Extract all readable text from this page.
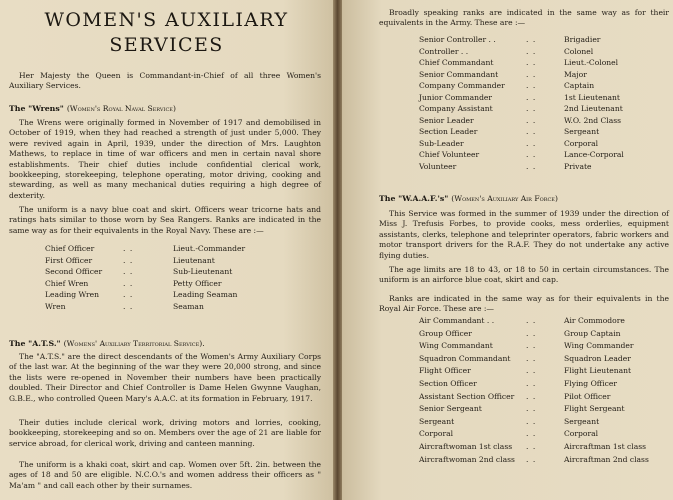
WOMEN'S AUXILIARY
SERVICES
Her Majesty the Queen is Commandant-in-Chief of all three Women's Auxiliary Services.
The "Wrens" (Women's Royal Naval Service)
The Wrens were originally formed in November of 1917 and demobilised in October of 1919, when they had reached a strength of just under 5,000. They were revived again in April, 1939, under the direction of Mrs. Laughton Mathews, to replace in time of war officers and men in certain naval shore establishments. Their chief duties include confidential clerical work, bookkeeping, storekeeping, telephone operating, motor driving, cooking and stewarding, as well as many mechanical duties requiring a high degree of dexterity.
The uniform is a navy blue coat and skirt. Officers wear tricorne hats and ratings hats similar to those worn by Sea Rangers. Ranks are indicated in the same way as for their equivalents in the Royal Navy. These are :—
Chief Officer	. .	Lieut.-Commander
First Officer	. .	Lieutenant
Second Officer	. .	Sub-Lieutenant
Chief Wren	. .	Petty Officer
Leading Wren	. .	Leading Seaman
Wren	. .	Seaman
The "A.T.S." (Womens' Auxiliary Territorial Service).
The "A.T.S." are the direct descendants of the Women's Army Auxiliary Corps of the last war. At the beginning of the war they were 20,000 strong, and since the lists were re-opened in November their numbers have been practically doubled. Their Director and Chief Controller is Dame Helen Gwynne Vaughan, G.B.E., who controlled Queen Mary's A.A.C. at its formation in February, 1917.
Their duties include clerical work, driving motors and lorries, cooking, bookkeeping, storekeeping and so on. Members over the age of 21 are liable for service abroad, for clerical work, driving and canteen manning.
The uniform is a khaki coat, skirt and cap. Women over 5ft. 2in. between the ages of 18 and 50 are eligible. N.C.O.'s and women address their officers as " Ma'am " and call each other by their surnames.
Broadly speaking ranks are indicated in the same way as for their equivalents in the Army. These are :—
Senior Controller . .	. .	Brigadier
Controller . .	. .	Colonel
Chief Commandant	. .	Lieut.-Colonel
Senior Commandant	. .	Major
Company Commander	. .	Captain
Junior Commander	. .	1st Lieutenant
Company Assistant	. .	2nd Lieutenant
Senior Leader	. .	W.O. 2nd Class
Section Leader	. .	Sergeant
Sub-Leader	. .	Corporal
Chief Volunteer	. .	Lance-Corporal
Volunteer	. .	Private
The "W.A.A.F.'s" (Women's Auxiliary Air Force)
This Service was formed in the summer of 1939 under the direction of Miss J. Trefusis Forbes, to provide cooks, mess orderlies, equipment assistants, clerks, telephone and teleprinter operators, fabric workers and motor transport drivers for the R.A.F. They do not undertake any active flying duties.
The age limits are 18 to 43, or 18 to 50 in certain circumstances. The uniform is an airforce blue coat, skirt and cap.
Ranks are indicated in the same way as for their equivalents in the Royal Air Force. These are :—
Air Commandant . .	. .	Air Commodore
Group Officer	. .	Group Captain
Wing Commandant	. .	Wing Commander
Squadron Commandant . .	Squadron Leader
Flight Officer	. .	Flight Lieutenant
Section Officer	. .	Flying Officer
Assistant Section Officer . .	Pilot Officer
Senior Sergeant	. .	Flight Sergeant
Sergeant	. .	Sergeant
Corporal	. .	Corporal
Aircraftwoman 1st class . .	Aircraftman 1st class
Aircraftwoman 2nd class . .	Aircraftman 2nd class
